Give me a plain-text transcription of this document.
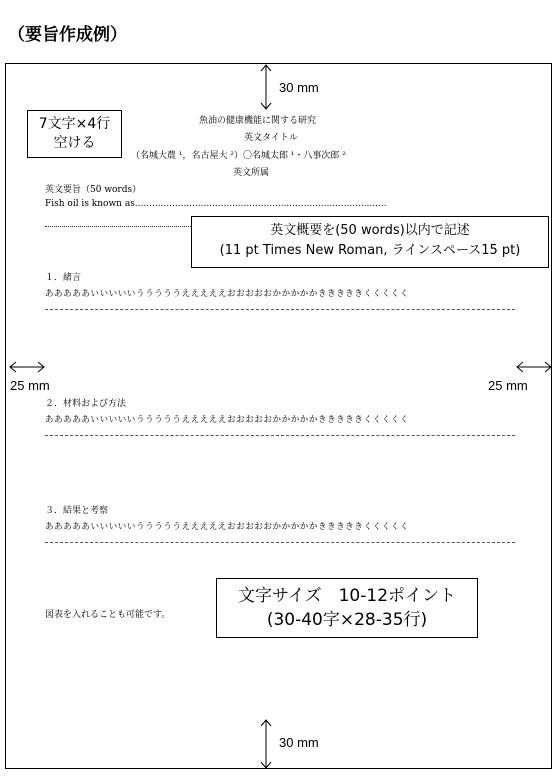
（要旨作成例）
30 mm
魚油の健康機能に関する研究
英文タイトル
（名城大農 ¹，名古屋大 ²）〇名城太郎 ¹・八事次郎 ²
英文所属
7文字×4行
空ける
英文要旨（50 words）
Fish oil is known as........................................................................................
英文概要を(50 words)以内で記述
(11 pt Times New Roman, ラインスペース15 pt)
１．緒言
あああああいいいいいうううううえええええおおおおおかかかかかきききききくくくくく
25 mm	25 mm
２．材料および方法
あああああいいいいいうううううえええええおおおおおかかかかかきききききくくくくく
３．結果と考察
あああああいいいいいうううううえええええおおおおおかかかかかきききききくくくくく
図表を入れることも可能です。
文字サイズ　10-12ポイント
(30-40字×28-35行)
30 mm
